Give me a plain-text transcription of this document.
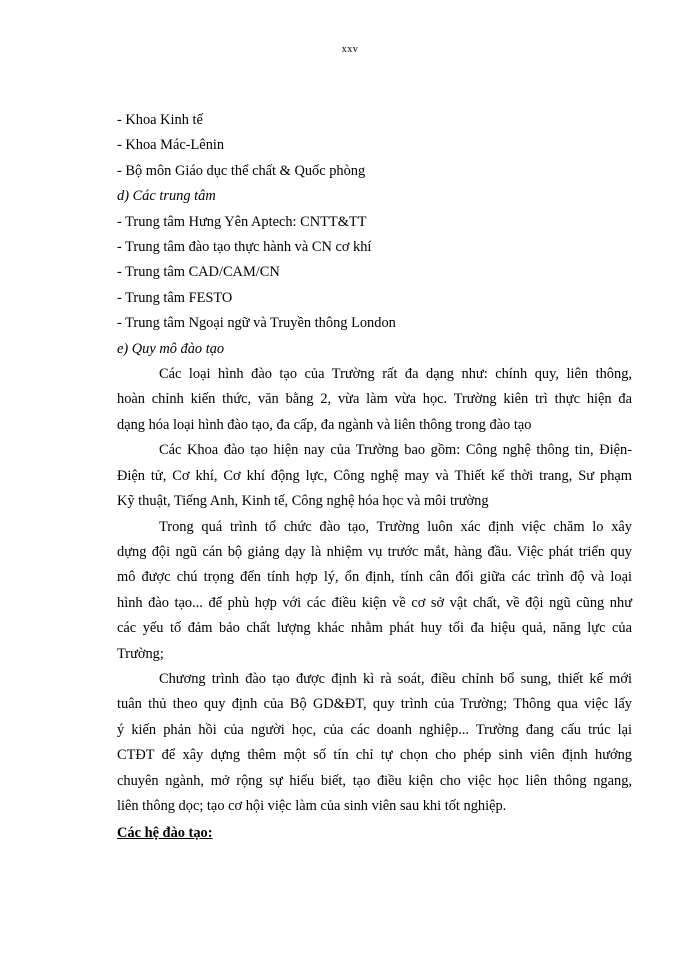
xxv
- Khoa Kinh tế
- Khoa Mác-Lênin
- Bộ môn Giáo dục thể chất & Quốc phòng
d) Các trung tâm
- Trung tâm Hưng Yên Aptech: CNTT&TT
- Trung tâm đào tạo thực hành và CN cơ khí
- Trung tâm CAD/CAM/CN
- Trung tâm FESTO
- Trung tâm Ngoại ngữ và Truyền thông London
e) Quy mô đào tạo
Các loại hình đào tạo của Trường rất đa dạng như: chính quy, liên thông,
hoàn chỉnh kiến thức, văn bằng 2, vừa làm vừa học. Trường kiên trì thực hiện đa
dạng hóa loại hình đào tạo, đa cấp, đa ngành và liên thông trong đào tạo
Các Khoa đào tạo hiện nay của Trường bao gồm: Công nghệ thông tin, Điện-
Điện tử, Cơ khí, Cơ khí động lực, Công nghệ may và Thiết kế thời trang, Sư phạm
Kỹ thuật, Tiếng Anh, Kinh tế, Công nghệ hóa học và môi trường
Trong quá trình tổ chức đào tạo, Trường luôn xác định việc chăm lo xây
dựng đội ngũ cán bộ giảng dạy là nhiệm vụ trước mắt, hàng đầu. Việc phát triển quy
mô được chú trọng đến tính hợp lý, ổn định, tính cân đối giữa các trình độ và loại
hình đào tạo... để phù hợp với các điều kiện về cơ sở vật chất, về đội ngũ cũng như
các yếu tố đảm bảo chất lượng khác nhằm phát huy tối đa hiệu quả, năng lực của
Trường;
Chương trình đào tạo được định kì rà soát, điều chỉnh bổ sung, thiết kế mới
tuân thủ theo quy định của Bộ GD&ĐT, quy trình của Trường; Thông qua việc lấy
ý kiến phản hồi của người học, của các doanh nghiệp... Trường đang cấu trúc lại
CTĐT để xây dựng thêm một số tín chỉ tự chọn cho phép sinh viên định hướng
chuyên ngành, mở rộng sự hiểu biết, tạo điều kiện cho việc học liên thông ngang,
liên thông dọc; tạo cơ hội việc làm của sinh viên sau khi tốt nghiệp.
Các hệ đào tạo:
